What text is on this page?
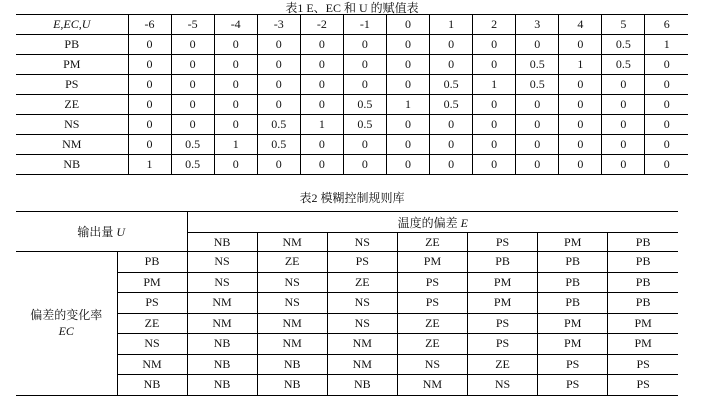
表1 E、EC 和 U 的赋值表
E,EC,U	-6	-5	-4	-3	-2	-1	0	1	2	3	4	5	6
PB	0	0	0	0	0	0	0	0	0	0	0	0.5	1
PM	0	0	0	0	0	0	0	0	0	0.5	1	0.5	0
PS	0	0	0	0	0	0	0	0.5	1	0.5	0	0	0
ZE	0	0	0	0	0	0.5	1	0.5	0	0	0	0	0
NS	0	0	0	0.5	1	0.5	0	0	0	0	0	0	0
NM	0	0.5	1	0.5	0	0	0	0	0	0	0	0	0
NB	1	0.5	0	0	0	0	0	0	0	0	0	0	0
表2 模糊控制规则库
输出量 U		温度的偏差 E						
		NB	NM	NS	ZE	PS	PM	PB

偏差的变化率
EC	PB	NS	ZE	PS	PM	PB	PB	PB
	PM	NS	NS	ZE	PS	PM	PB	PB
	PS	NM	NS	NS	PS	PM	PB	PB
	ZE	NM	NM	NS	ZE	PS	PM	PM
	NS	NB	NM	NM	ZE	PS	PM	PM
	NM	NB	NB	NM	NS	ZE	PS	PS
	NB	NB	NB	NB	NM	NS	PS	PS
